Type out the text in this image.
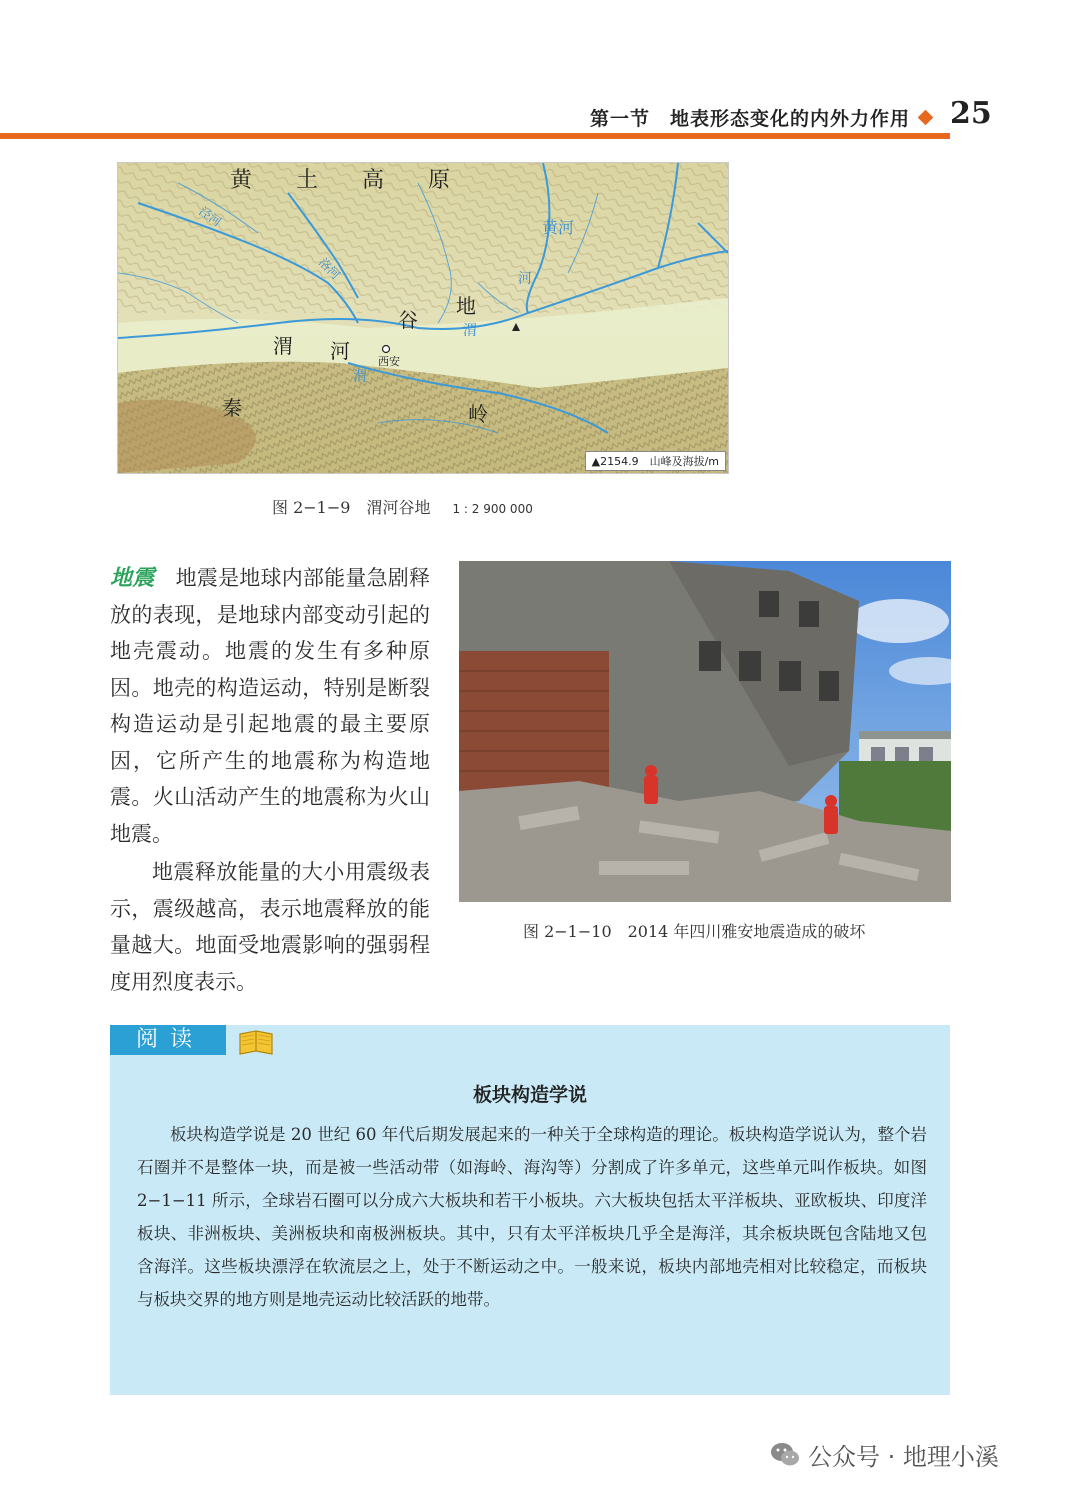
第一节　地表形态变化的内外力作用 25
黄　　土　　高　　原
渭 河
谷
地
秦	岭
西安
泾河
洛河
黄河
渭
河
渭
▲2154.9　山峰及海拔/m
图 2−1−9　渭河谷地 1 : 2 900 000
地震　 地震是地球内部能量急剧释放的表现，是地球内部变动引起的地壳震动。地震的发生有多种原因。地壳的构造运动，特别是断裂构造运动是引起地震的最主要原因，它所产生的地震称为构造地震。火山活动产生的地震称为火山地震。
地震释放能量的大小用震级表示，震级越高，表示地震释放的能量越大。地面受地震影响的强弱程度用烈度表示。
图 2−1−10　2014 年四川雅安地震造成的破坏
阅读
板块构造学说
板块构造学说是 20 世纪 60 年代后期发展起来的一种关于全球构造的理论。板块构造学说认为，整个岩石圈并不是整体一块，而是被一些活动带（如海岭、海沟等）分割成了许多单元，这些单元叫作板块。如图 2−1−11 所示，全球岩石圈可以分成六大板块和若干小板块。六大板块包括太平洋板块、亚欧板块、印度洋板块、非洲板块、美洲板块和南极洲板块。其中，只有太平洋板块几乎全是海洋，其余板块既包含陆地又包含海洋。这些板块漂浮在软流层之上，处于不断运动之中。一般来说，板块内部地壳相对比较稳定，而板块与板块交界的地方则是地壳运动比较活跃的地带。
公众号 · 地理小溪
